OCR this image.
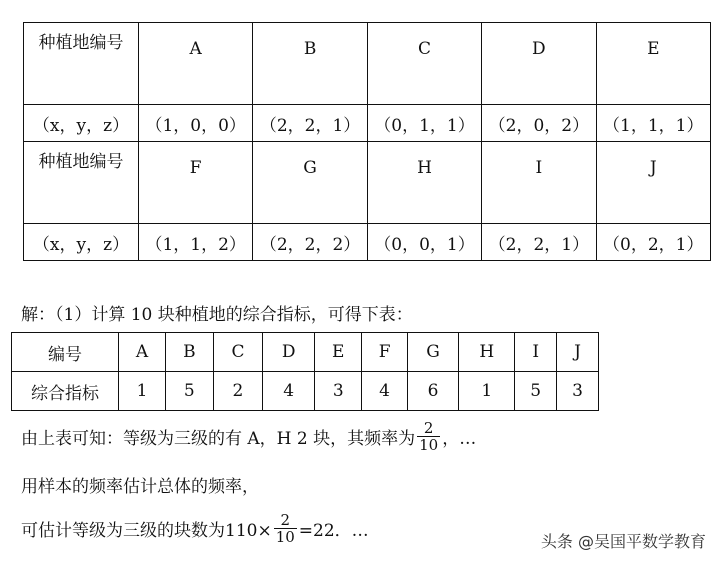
种植地编号	A	B	C	D	E
（x，y，z）	（1，0，0）	（2，2，1）	（0，1，1）	（2，0，2）	（1，1，1）
种植地编号	F	G	H	I	J
（x，y，z）	（1，1，2）	（2，2，2）	（0，0，1）	（2，2，1）	（0，2，1）
解：（1）计算 10 块种植地的综合指标，可得下表：
编号	A	B	C	D	E	F	G	H	I	J
综合指标	1	5	2	4	3	4	6	1	5	3
由上表可知：等级为三级的有 A，H 2 块，其频率为 $\frac{2}{10}$ ，…
用样本的频率估计总体的频率，
可估计等级为三级的块数为$110\times \frac{2}{10} =22$．…
头条 @吴国平数学教育
